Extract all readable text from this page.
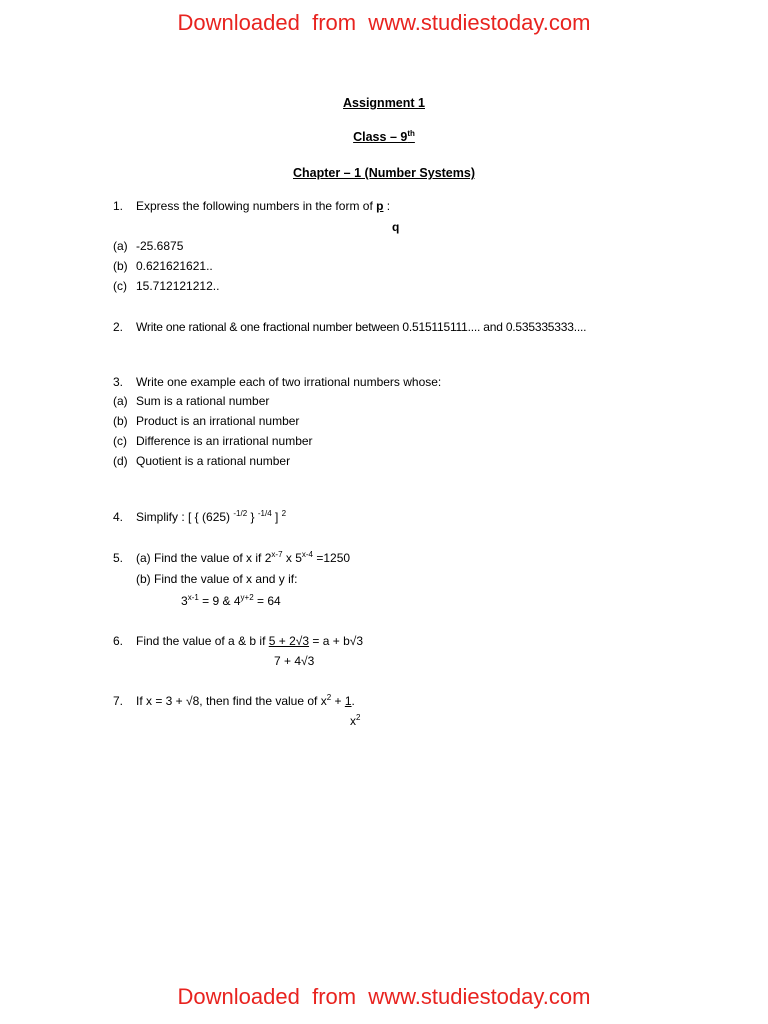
Downloaded  from  www.studiestoday.com
Assignment 1
Class – 9th
Chapter – 1 (Number Systems)
1. Express the following numbers in the form of p :
q
(a) -25.6875
(b) 0.621621621..
(c) 15.712121212..
2. Write one rational & one fractional number between 0.515115111.... and 0.535335333....
3. Write one example each of two irrational numbers whose:
(a) Sum is a rational number
(b) Product is an irrational number
(c) Difference is an irrational number
(d) Quotient is a rational number
4. Simplify : [ { (625) $^{-1/2}$ } $^{-1/4}$ ] $^2$
5. (a) Find the value of x if 2$^{x-7}$ x $5^{x-4} =1250$
(b) Find the value of x and y if:
$3^{x-1} = 9$ & $4^{y+2} = 64$
6. Find the value of a & b if 5 + 2√3 = a + b√3
7 + 4√3
7. If x = 3 + √8, then find the value of $x^2 + 1$.
$x^2$
Downloaded  from  www.studiestoday.com
